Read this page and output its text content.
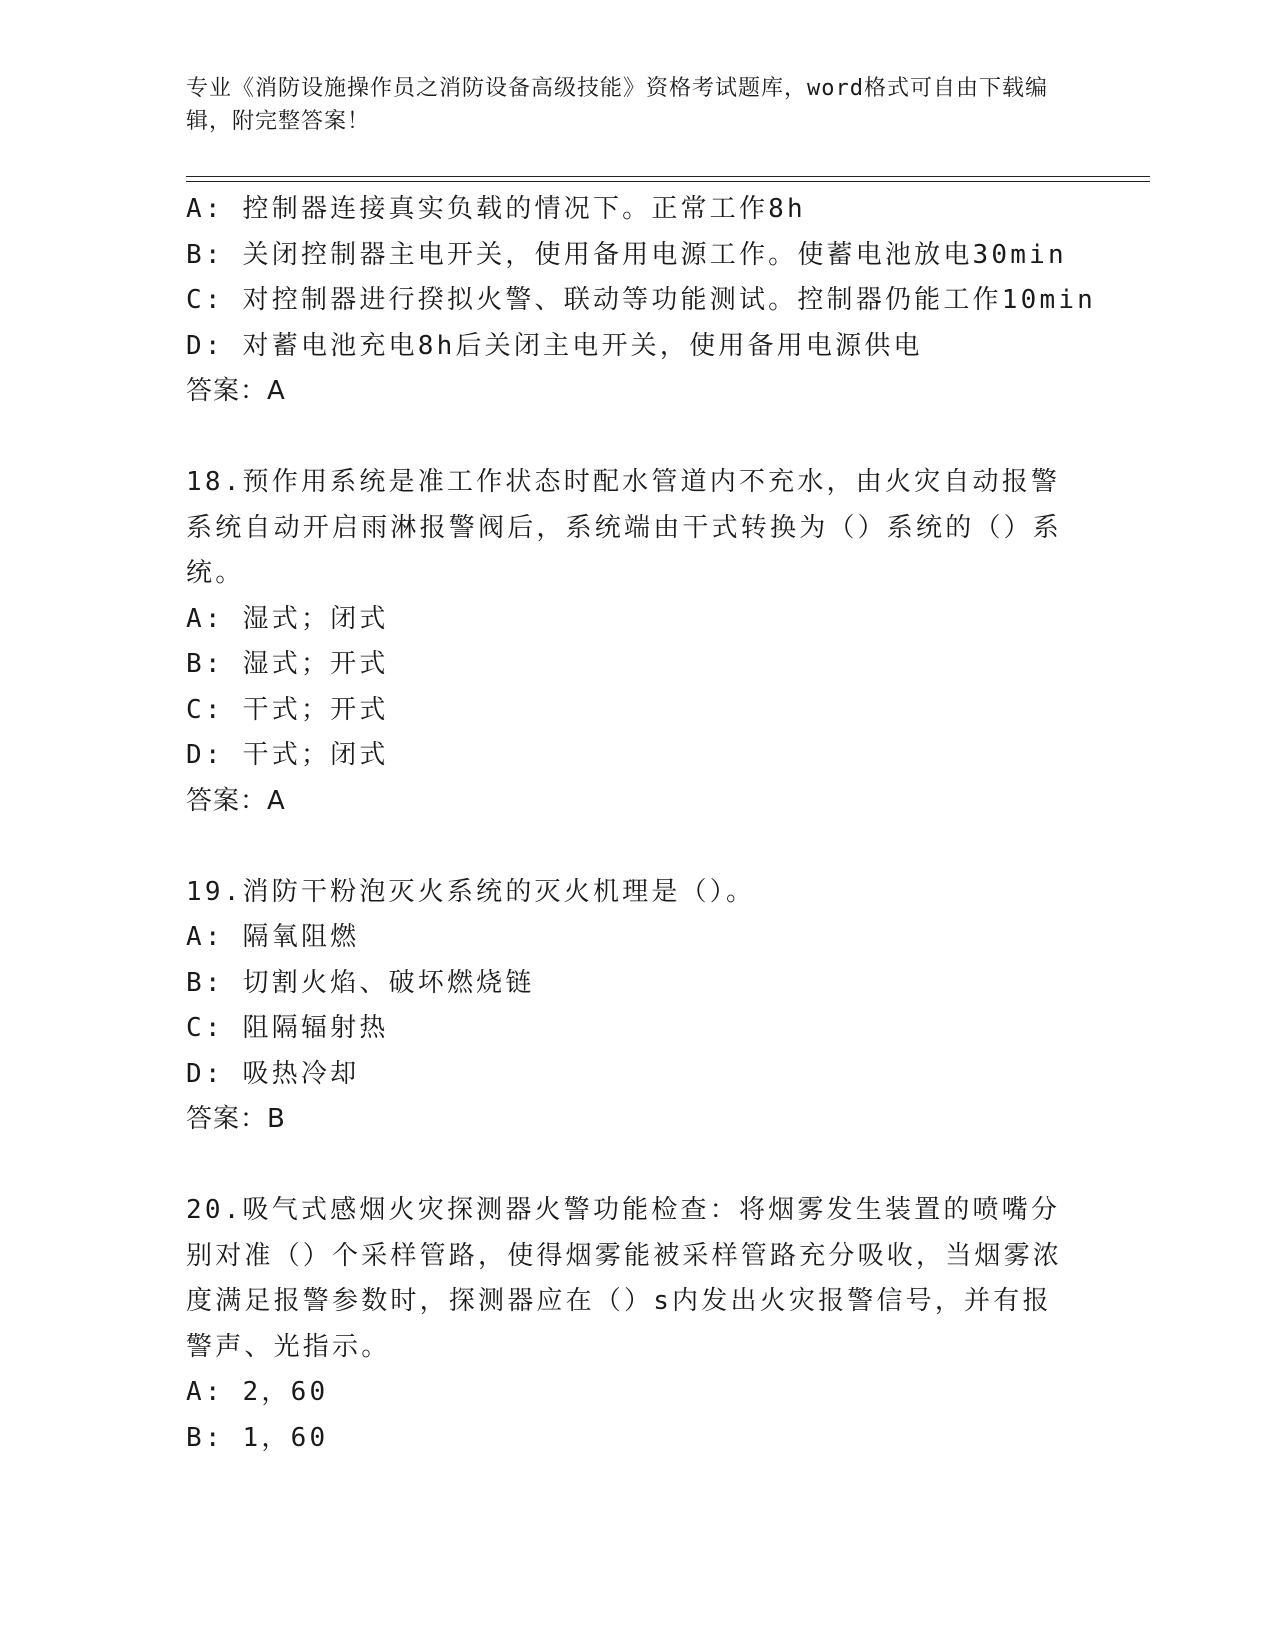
专业《消防设施操作员之消防设备高级技能》资格考试题库，word格式可自由下载编辑，附完整答案！
A: 控制器连接真实负载的情况下。正常工作8h
B: 关闭控制器主电开关，使用备用电源工作。使蓄电池放电30min
C: 对控制器进行揆拟火警、联动等功能测试。控制器仍能工作10min
D: 对蓄电池充电8h后关闭主电开关，使用备用电源供电
答案：A
18.预作用系统是准工作状态时配水管道内不充水，由火灾自动报警系统自动开启雨淋报警阀后，系统端由干式转换为（）系统的（）系统。
A: 湿式；闭式
B: 湿式；开式
C: 干式；开式
D: 干式；闭式
答案：A
19.消防干粉泡灭火系统的灭火机理是（）。
A: 隔氧阻燃
B: 切割火焰、破坏燃烧链
C: 阻隔辐射热
D: 吸热冷却
答案：B
20.吸气式感烟火灾探测器火警功能检查：将烟雾发生装置的喷嘴分别对准（）个采样管路，使得烟雾能被采样管路充分吸收，当烟雾浓度满足报警参数时，探测器应在（）s内发出火灾报警信号，并有报警声、光指示。
A: 2，60
B: 1，60
